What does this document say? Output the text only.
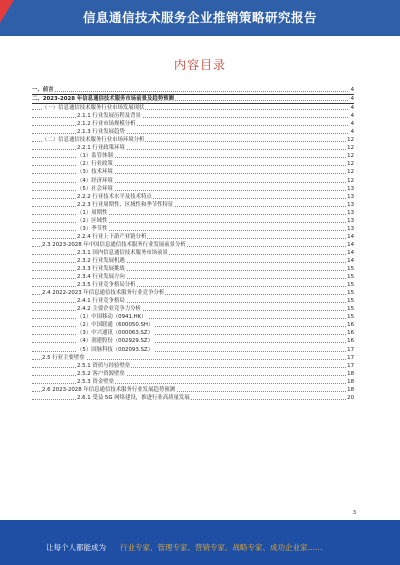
信息通信技术服务企业推销策略研究报告
内容目录
一、前言	4
二、2023-2028 年信息通信技术服务市场前景及趋势预测	4
（一）信息通信技术服务行业市场发展现状	4
2.1.1 行业发展历程及背景	4
2.1.2 行业市场规模分析	4
2.1.3 行业发展趋势	4
（二）信息通信技术服务行业市场环境分析	12
2.2.1 行业政策环境	12
（1）监管体制	12
（2）行业政策	12
（3）技术环境	12
（4）经济环境	12
（5）社会环境	13
2.2.2 行业技术水平及技术特点	13
2.2.3 行业周期性、区域性和季节性特征	13
（1）周期性	13
（2）区域性	13
（3）季节性	13
2.2.4 行业上下游产业链分析	14
2.3 2023-2028 年中国信息通信技术服务行业发展前景分析	14
2.3.1 国内信息通信技术服务市场前景	14
2.3.2 行业发展机遇	14
2.3.3 行业发展挑战	15
2.3.4 行业发展方向	15
2.3.5 行业竞争格局分析	15
2.4 2022-2023 年信息通信技术服务行业竞争分析	15
2.4.1 行业竞争格局	15
2.4.2 主要企业竞争力分析	15
（1）中国移动（0941.HK）	15
（2）中国联通（600050.SH）	16
（3）中兴通讯（000063.SZ）	16
（4）润建股份（002929.SZ）	16
（5）国脉科技（002093.SZ）	17
2.5 行业主要壁垒	17
2.5.1 资质与经验壁垒	17
2.5.2 客户资源壁垒	18
2.5.3 资金壁垒	18
2.6 2023-2028 年信息通信技术服务行业发展趋势预测	18
2.6.1 受益 5G 网络建设，推进行业高质量发展	20
3
让每个人都能成为 行业专家、管理专家、营销专家、战略专家、成功企业家……
